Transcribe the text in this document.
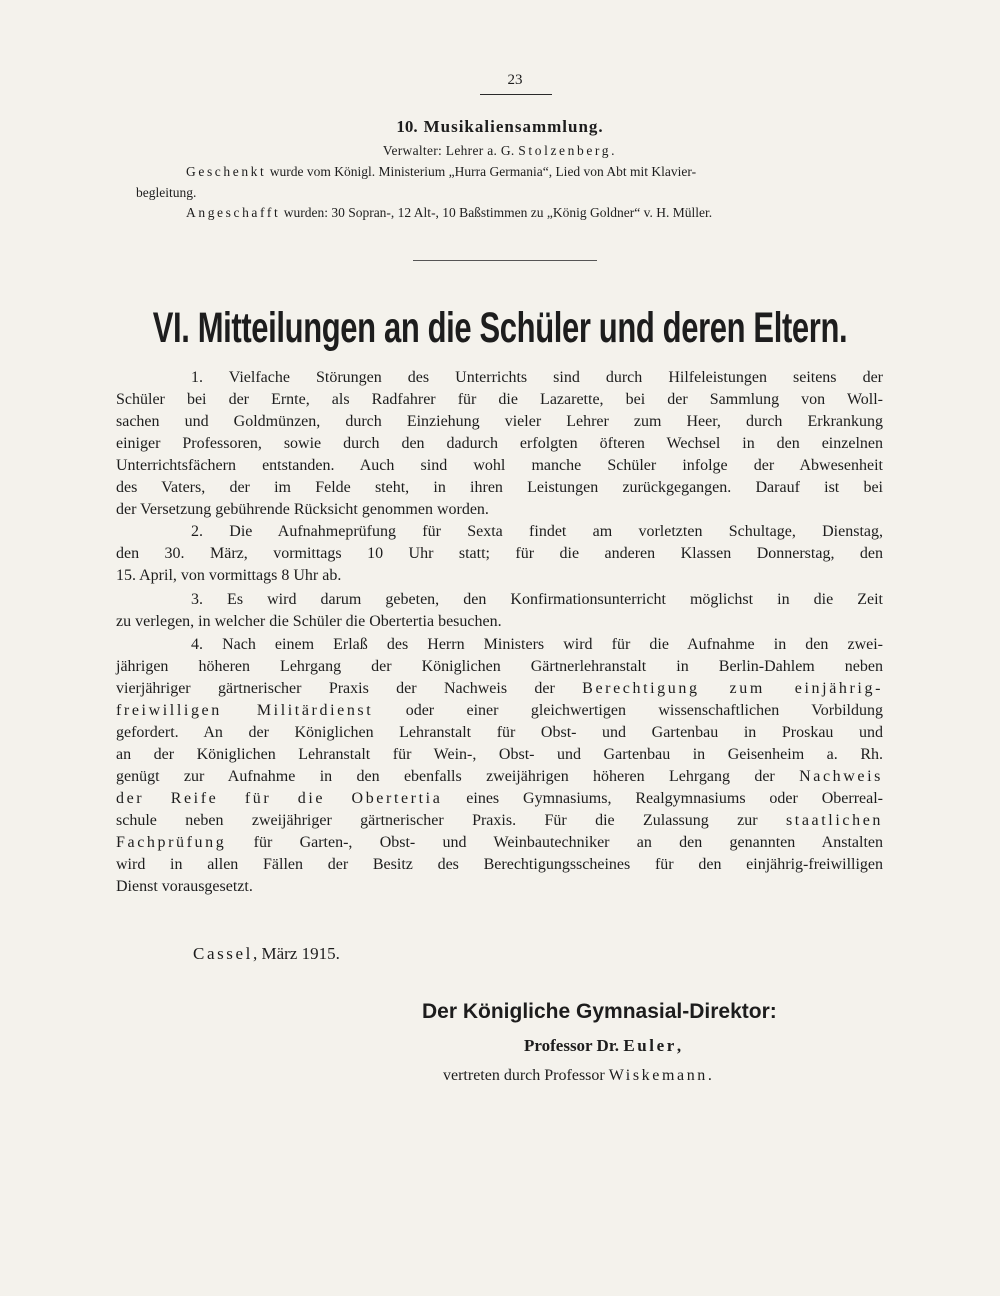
23
10. Musikaliensammlung.
Verwalter: Lehrer a. G. Stolzenberg.
Geschenkt wurde vom Königl. Ministerium „Hurra Germania“, Lied von Abt mit Klavier-
begleitung.
Angeschafft wurden: 30 Sopran-, 12 Alt-, 10 Baßstimmen zu „König Goldner“ v. H. Müller.
VI. Mitteilungen an die Schüler und deren Eltern.
1. Vielfache Störungen des Unterrichts sind durch Hilfeleistungen seitens der
Schüler bei der Ernte, als Radfahrer für die Lazarette, bei der Sammlung von Woll-
sachen und Goldmünzen, durch Einziehung vieler Lehrer zum Heer, durch Erkrankung
einiger Professoren, sowie durch den dadurch erfolgten öfteren Wechsel in den einzelnen
Unterrichtsfächern entstanden. Auch sind wohl manche Schüler infolge der Abwesenheit
des Vaters, der im Felde steht, in ihren Leistungen zurückgegangen. Darauf ist bei
der Versetzung gebührende Rücksicht genommen worden.
2. Die Aufnahmeprüfung für Sexta findet am vorletzten Schultage, Dienstag,
den 30. März, vormittags 10 Uhr statt; für die anderen Klassen Donnerstag, den
15. April, von vormittags 8 Uhr ab.
3. Es wird darum gebeten, den Konfirmationsunterricht möglichst in die Zeit
zu verlegen, in welcher die Schüler die Obertertia besuchen.
4. Nach einem Erlaß des Herrn Ministers wird für die Aufnahme in den zwei-
jährigen höheren Lehrgang der Königlichen Gärtnerlehranstalt in Berlin-Dahlem neben
vierjähriger gärtnerischer Praxis der Nachweis der Berechtigung zum einjährig-
freiwilligen Militärdienst oder einer gleichwertigen wissenschaftlichen Vorbildung
gefordert. An der Königlichen Lehranstalt für Obst- und Gartenbau in Proskau und
an der Königlichen Lehranstalt für Wein-, Obst- und Gartenbau in Geisenheim a. Rh.
genügt zur Aufnahme in den ebenfalls zweijährigen höheren Lehrgang der Nachweis
der Reife für die Obertertia eines Gymnasiums, Realgymnasiums oder Oberreal-
schule neben zweijähriger gärtnerischer Praxis. Für die Zulassung zur staatlichen
Fachprüfung für Garten-, Obst- und Weinbautechniker an den genannten Anstalten
wird in allen Fällen der Besitz des Berechtigungsscheines für den einjährig-freiwilligen
Dienst vorausgesetzt.
Cassel, März 1915.
Der Königliche Gymnasial-Direktor:
Professor Dr. Euler,
vertreten durch Professor Wiskemann.
